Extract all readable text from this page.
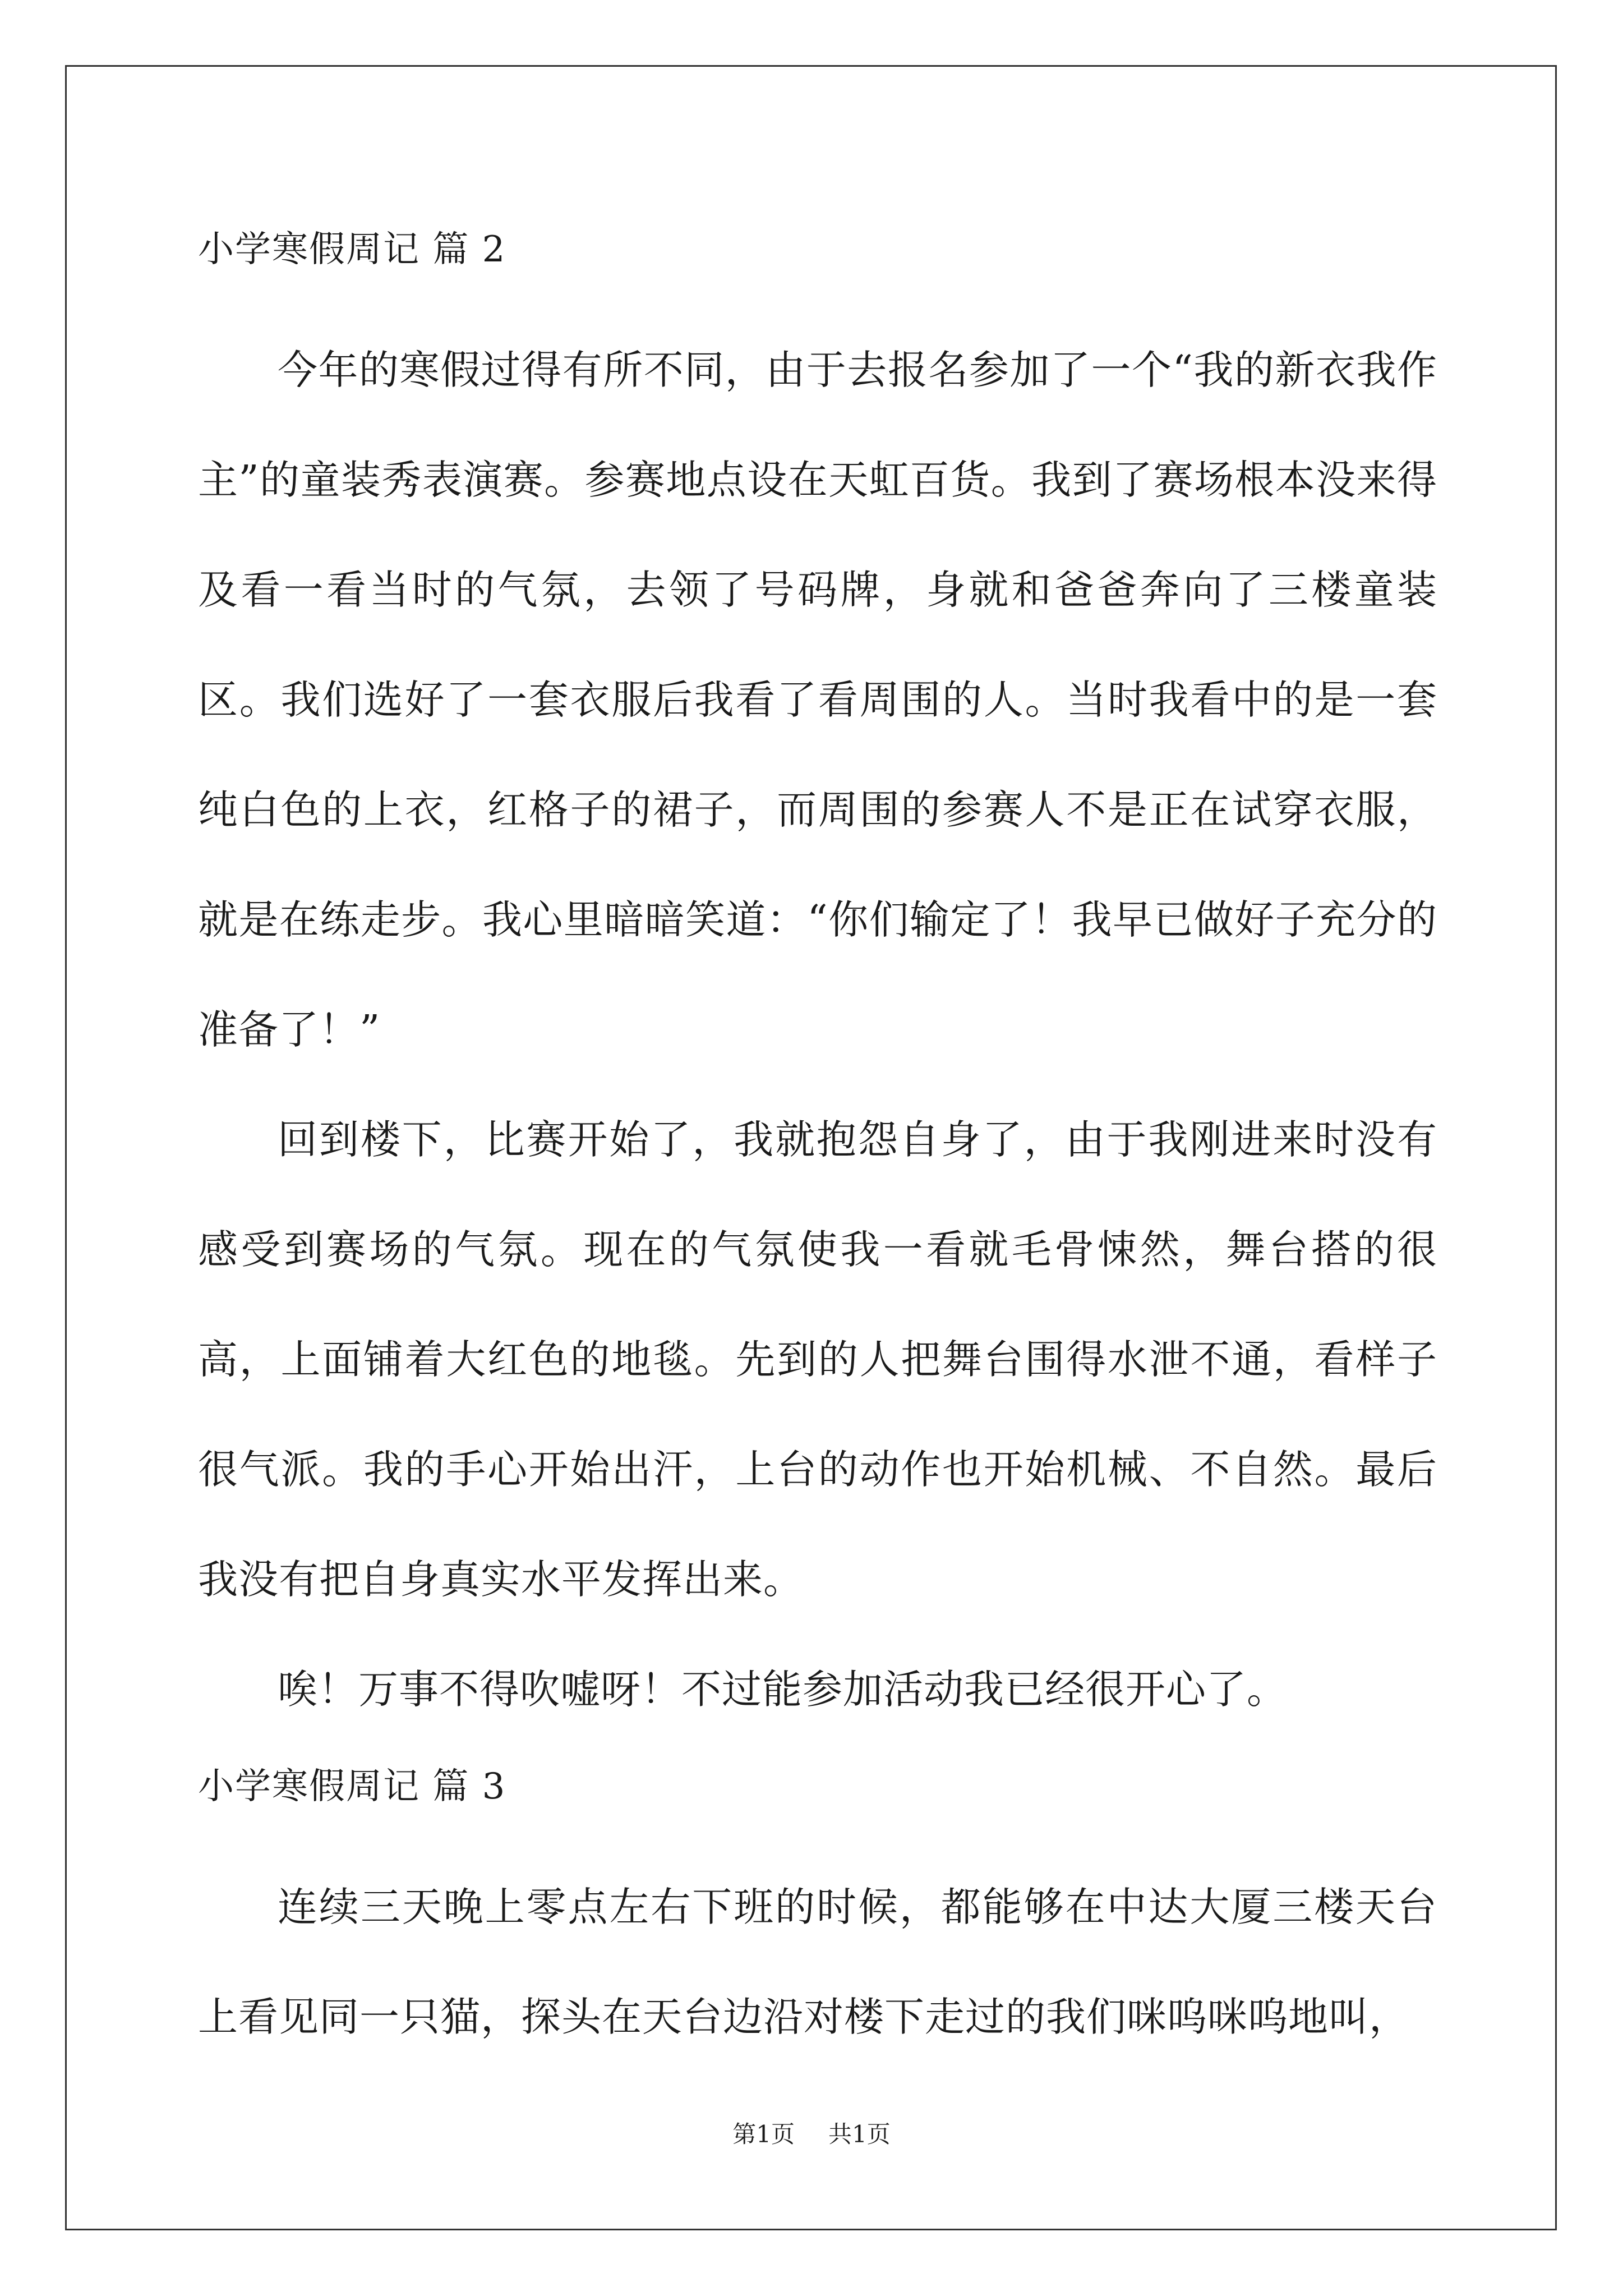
小学寒假周记 篇 2

今年的寒假过得有所不同，由于去报名参加了一个“我的新衣我作主”的童装秀表演赛。参赛地点设在天虹百货。我到了赛场根本没来得及看一看当时的气氛，去领了号码牌，身就和爸爸奔向了三楼童装区。我们选好了一套衣服后我看了看周围的人。当时我看中的是一套纯白色的上衣，红格子的裙子，而周围的参赛人不是正在试穿衣服，就是在练走步。我心里暗暗笑道：“你们输定了！我早已做好子充分的准备了！”

回到楼下，比赛开始了，我就抱怨自身了，由于我刚进来时没有感受到赛场的气氛。现在的气氛使我一看就毛骨悚然，舞台搭的很高，上面铺着大红色的地毯。先到的人把舞台围得水泄不通，看样子很气派。我的手心开始出汗，上台的动作也开始机械、不自然。最后我没有把自身真实水平发挥出来。

唉！万事不得吹嘘呀！不过能参加活动我已经很开心了。

小学寒假周记 篇 3

连续三天晚上零点左右下班的时候，都能够在中达大厦三楼天台上看见同一只猫，探头在天台边沿对楼下走过的我们咪呜咪呜地叫，

第1页 共1页
